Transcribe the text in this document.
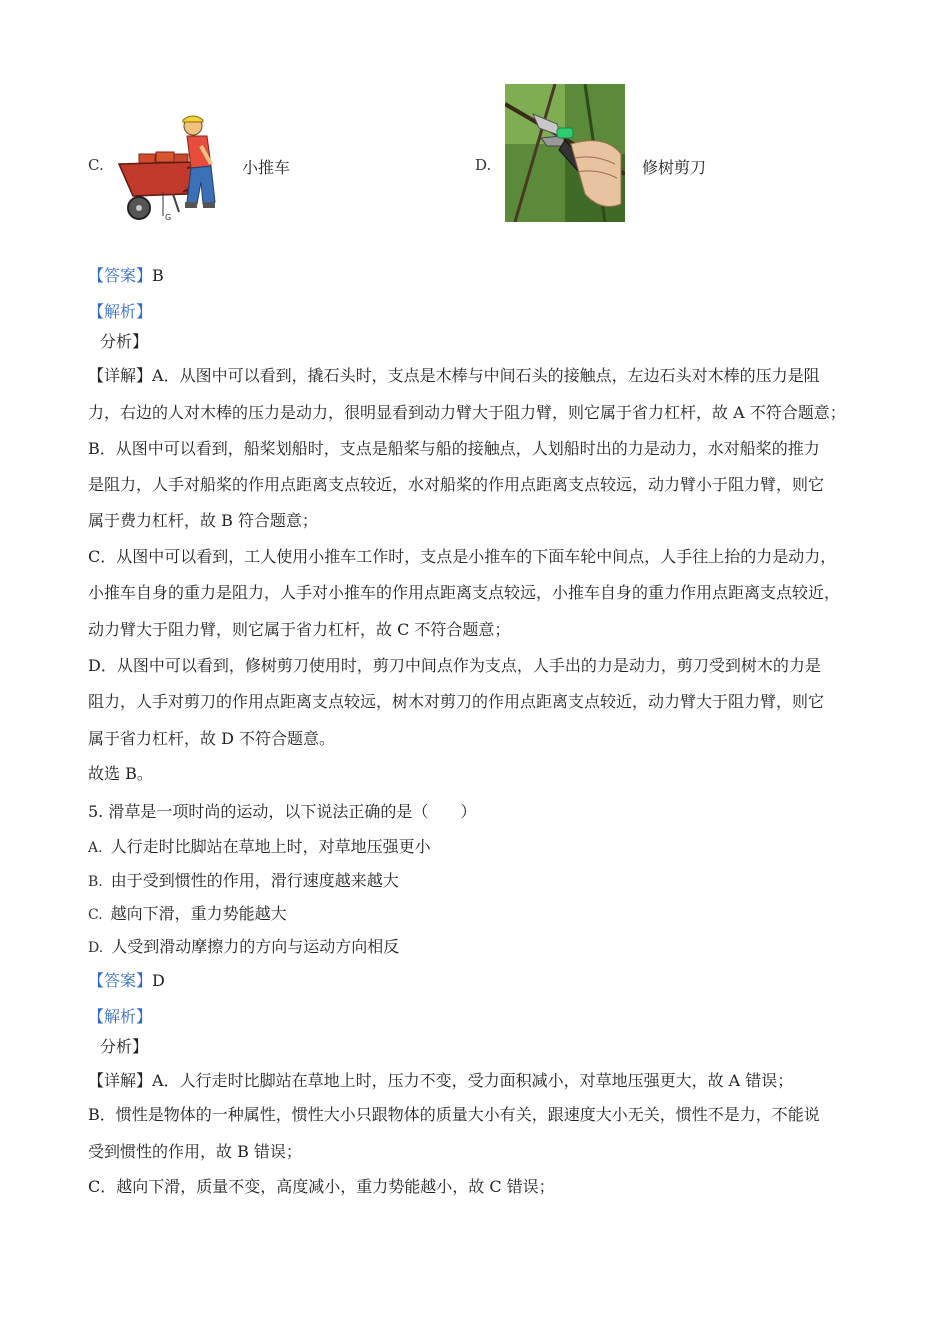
C.
G
小推车	D.	修树剪刀
【答案】B
【解析】
分析】
【详解】A．从图中可以看到，撬石头时，支点是木棒与中间石头的接触点，左边石头对木棒的压力是阻
力，右边的人对木棒的压力是动力，很明显看到动力臂大于阻力臂，则它属于省力杠杆，故 A 不符合题意；
B．从图中可以看到，船桨划船时，支点是船桨与船的接触点，人划船时出的力是动力，水对船桨的推力
是阻力，人手对船桨的作用点距离支点较近，水对船桨的作用点距离支点较远，动力臂小于阻力臂，则它
属于费力杠杆，故 B 符合题意；
C．从图中可以看到，工人使用小推车工作时，支点是小推车的下面车轮中间点，人手往上抬的力是动力，
小推车自身的重力是阻力，人手对小推车的作用点距离支点较远，小推车自身的重力作用点距离支点较近，
动力臂大于阻力臂，则它属于省力杠杆，故 C 不符合题意；
D．从图中可以看到，修树剪刀使用时，剪刀中间点作为支点，人手出的力是动力，剪刀受到树木的力是
阻力，人手对剪刀的作用点距离支点较远，树木对剪刀的作用点距离支点较近，动力臂大于阻力臂，则它
属于省力杠杆，故 D 不符合题意。
故选 B。
5. 滑草是一项时尚的运动，以下说法正确的是（　　）
A. 人行走时比脚站在草地上时，对草地压强更小
B. 由于受到惯性的作用，滑行速度越来越大
C. 越向下滑，重力势能越大
D. 人受到滑动摩擦力的方向与运动方向相反
【答案】D
【解析】
分析】
【详解】A．人行走时比脚站在草地上时，压力不变，受力面积减小，对草地压强更大，故 A 错误；
B．惯性是物体的一种属性，惯性大小只跟物体的质量大小有关，跟速度大小无关，惯性不是力，不能说
受到惯性的作用，故 B 错误；
C．越向下滑，质量不变，高度减小，重力势能越小，故 C 错误；
